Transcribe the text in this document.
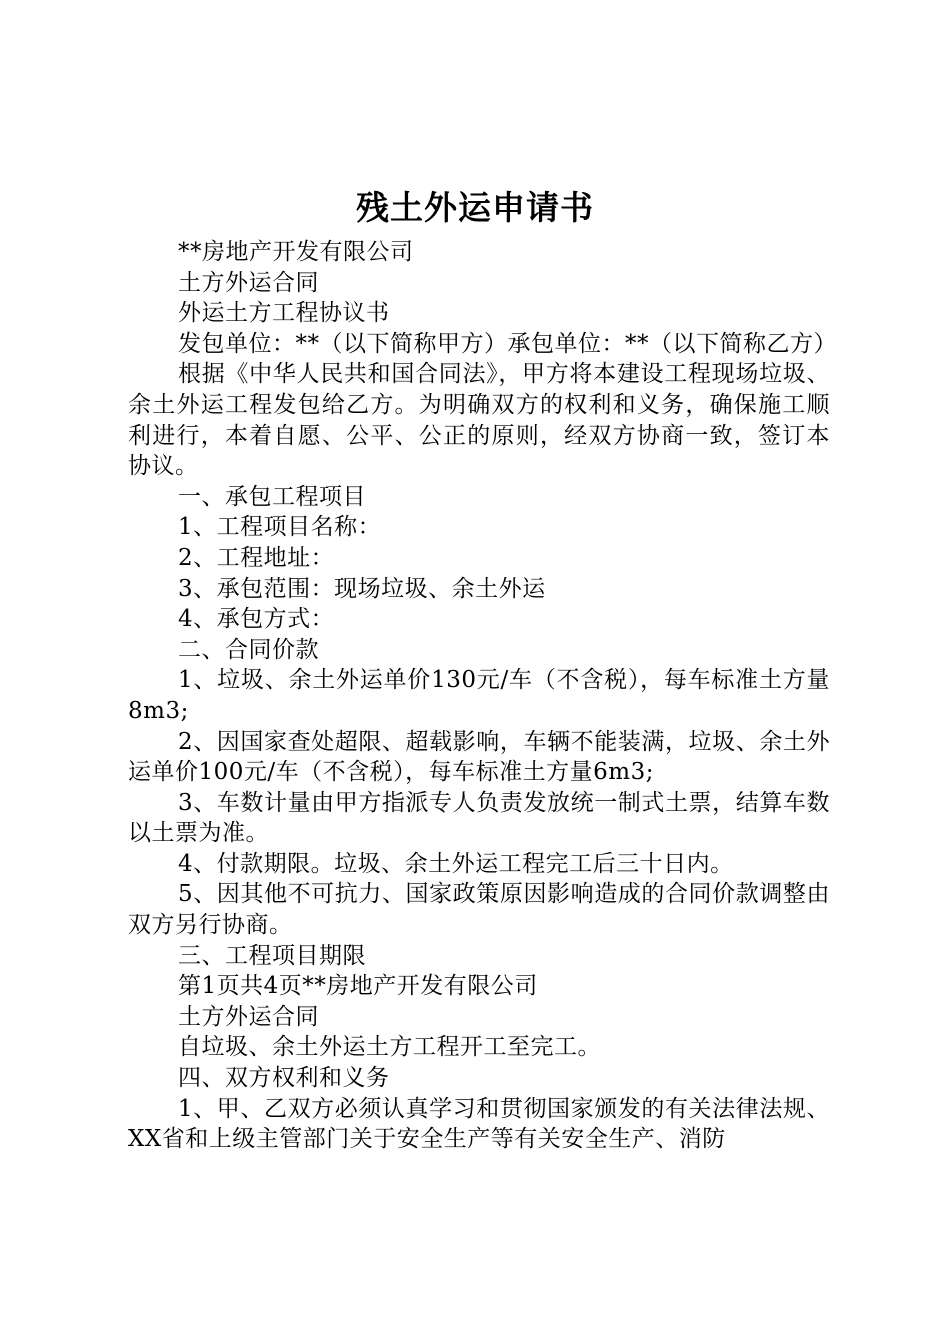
残土外运申请书

**房地产开发有限公司

土方外运合同

外运土方工程协议书

发包单位：**（以下简称甲方）承包单位：**（以下简称乙方）

根据《中华人民共和国合同法》，甲方将本建设工程现场垃圾、余土外运工程发包给乙方。为明确双方的权利和义务，确保施工顺利进行，本着自愿、公平、公正的原则，经双方协商一致，签订本协议。

一、承包工程项目

1、工程项目名称：

2、工程地址：

3、承包范围：现场垃圾、余土外运

4、承包方式：

二、合同价款

1、垃圾、余土外运单价130元/车（不含税），每车标准土方量8m3;

2、因国家查处超限、超载影响，车辆不能装满，垃圾、余土外运单价100元/车（不含税），每车标准土方量6m3;

3、车数计量由甲方指派专人负责发放统一制式土票，结算车数以土票为准。

4、付款期限。垃圾、余土外运工程完工后三十日内。

5、因其他不可抗力、国家政策原因影响造成的合同价款调整由双方另行协商。

三、工程项目期限

第1页共4页**房地产开发有限公司

土方外运合同

自垃圾、余土外运土方工程开工至完工。

四、双方权利和义务

1、甲、乙双方必须认真学习和贯彻国家颁发的有关法律法规、XX省和上级主管部门关于安全生产等有关安全生产、消防
